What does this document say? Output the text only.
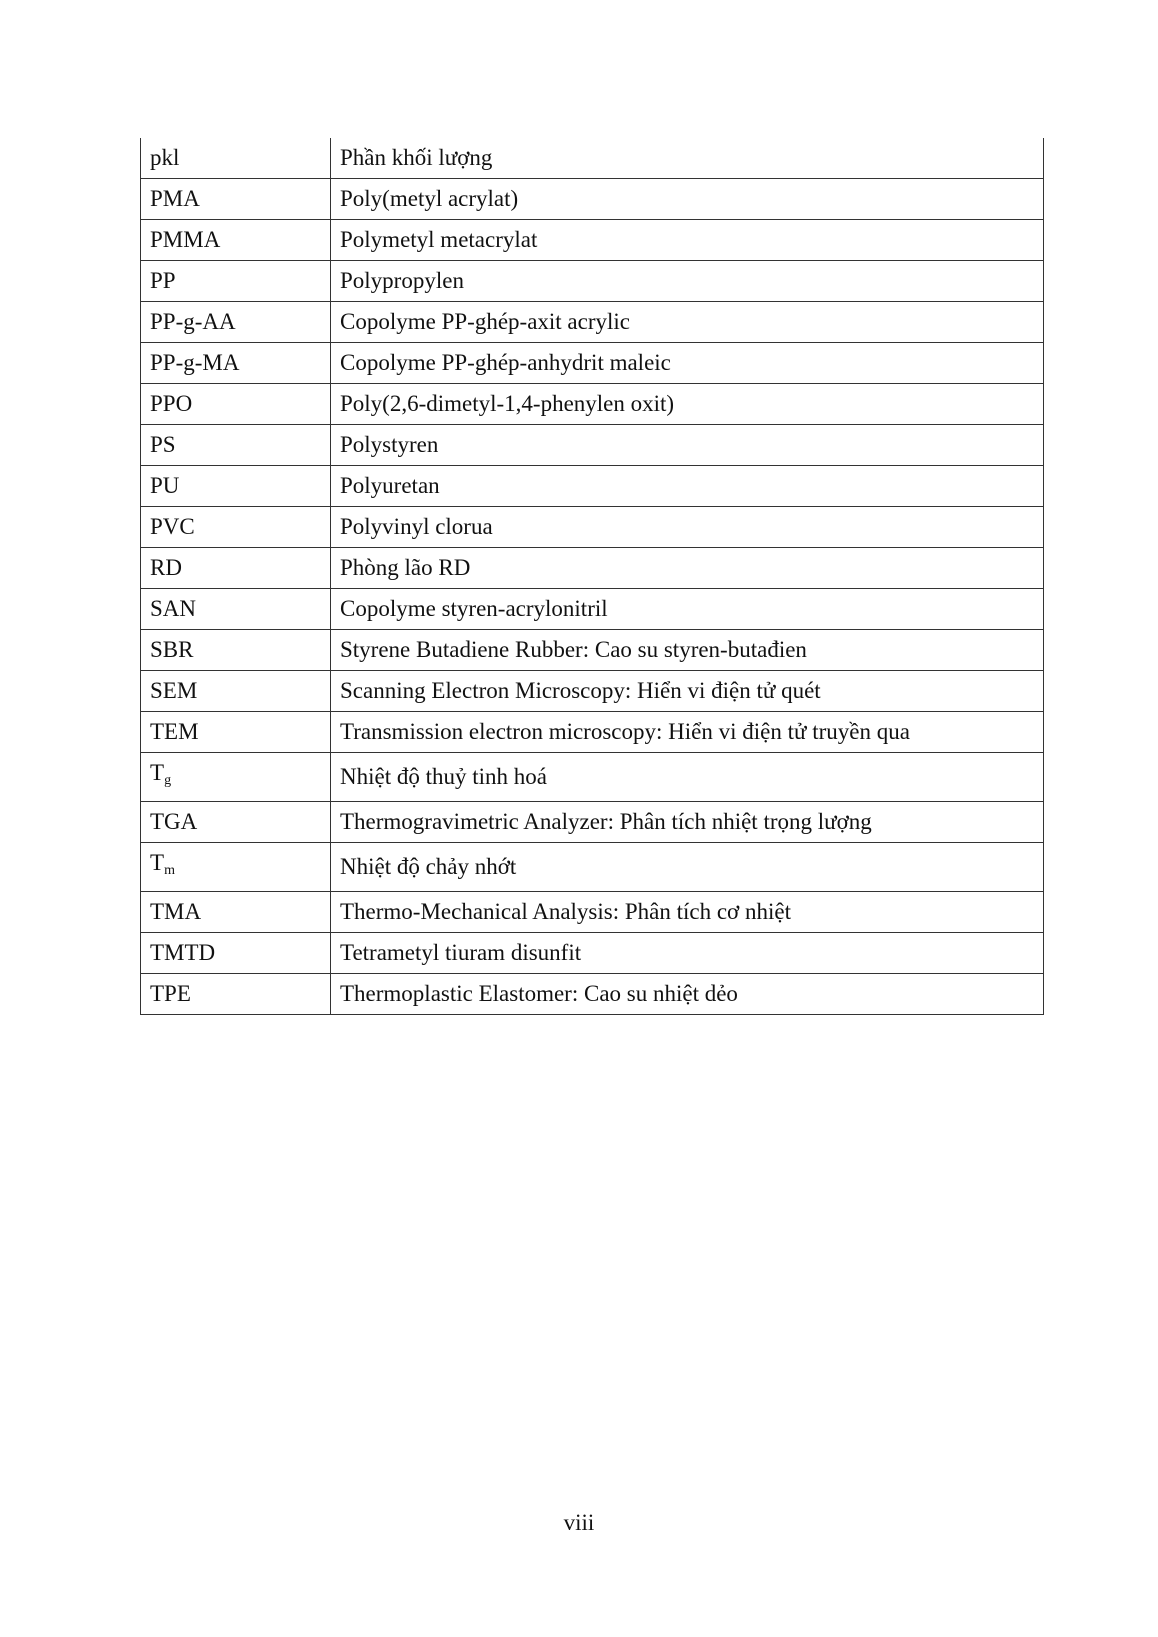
pkl	Phần khối lượng
PMA	Poly(metyl acrylat)
PMMA	Polymetyl metacrylat
PP	Polypropylen
PP-g-AA	Copolyme PP-ghép-axit acrylic
PP-g-MA	Copolyme PP-ghép-anhydrit maleic
PPO	Poly(2,6-dimetyl-1,4-phenylen oxit)
PS	Polystyren
PU	Polyuretan
PVC	Polyvinyl clorua
RD	Phòng lão RD
SAN	Copolyme styren-acrylonitril
SBR	Styrene Butadiene Rubber: Cao su styren-butađien
SEM	Scanning Electron Microscopy: Hiển vi điện tử quét
TEM	Transmission electron microscopy: Hiển vi điện tử truyền qua
$T_g$	Nhiệt độ thuỷ tinh hoá
TGA	Thermogravimetric Analyzer: Phân tích nhiệt trọng lượng
$T_m$	Nhiệt độ chảy nhớt
TMA	Thermo-Mechanical Analysis: Phân tích cơ nhiệt
TMTD	Tetrametyl tiuram disunfit
TPE	Thermoplastic Elastomer: Cao su nhiệt dẻo
viii
